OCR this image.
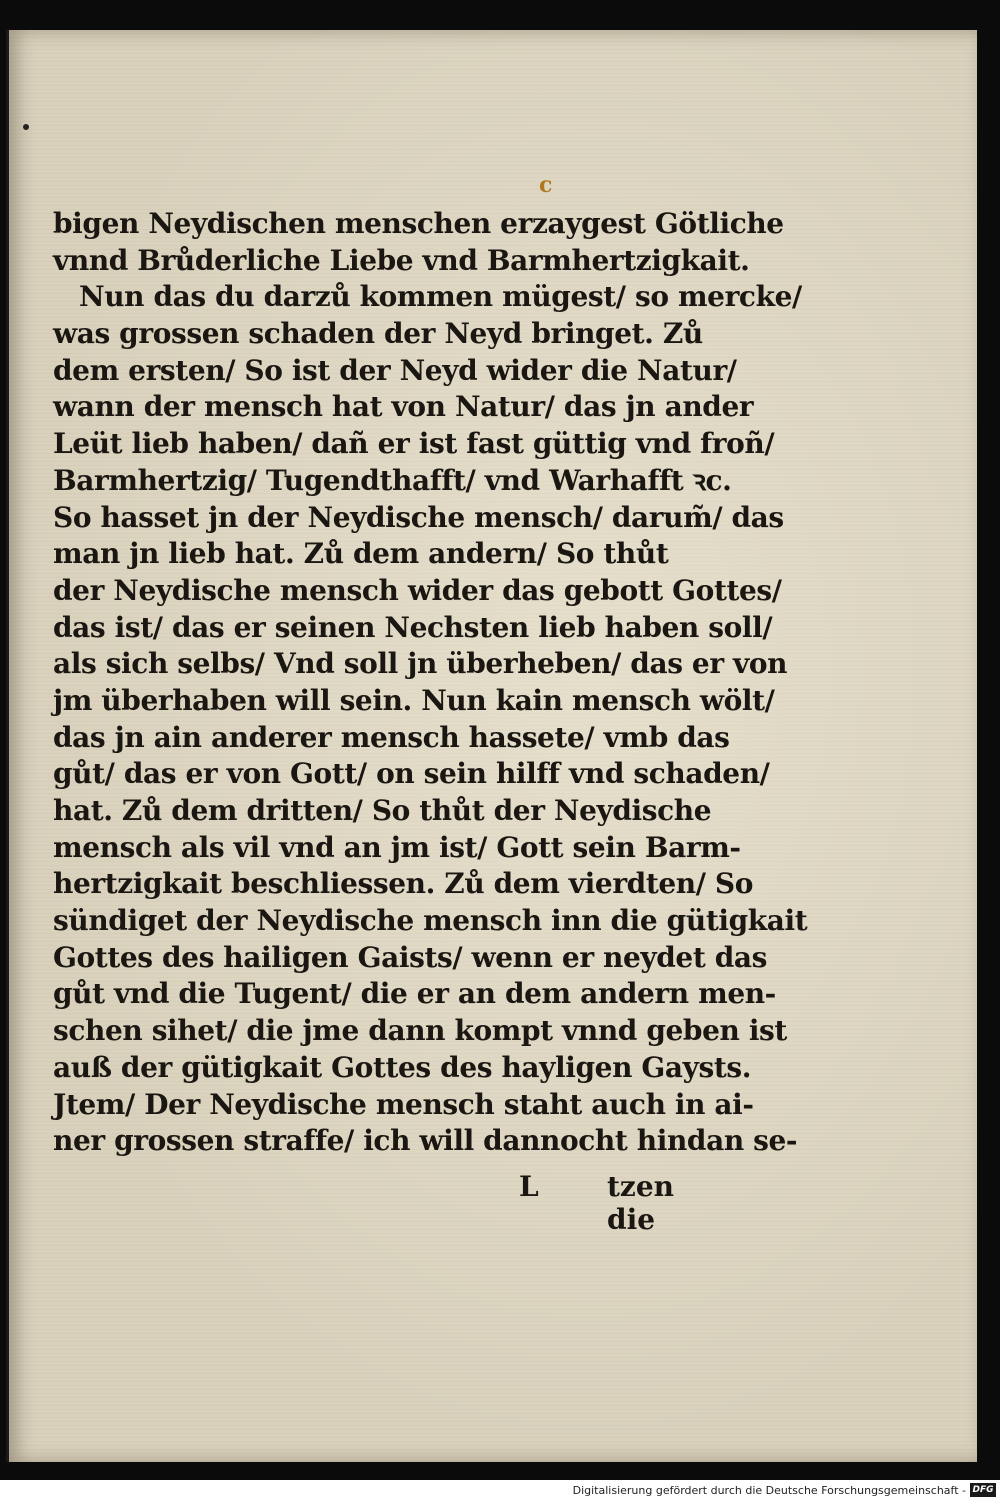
c
bigen Neydischen menschen erzaygest Götliche
vnnd Brůderliche Liebe vnd Barmhertzigkait.
Nun das du darzů kommen mügest/ so mercke/
was grossen schaden der Neyd bringet. Zů
dem ersten/ So ist der Neyd wider die Natur/
wann der mensch hat von Natur/ das jn ander
Leüt lieb haben/ dañ er ist fast güttig vnd froñ/
Barmhertzig/ Tugendthafft/ vnd Warhafft ꝛc.
So hasset jn der Neydische mensch/ darum̃/ das
man jn lieb hat. Zů dem andern/ So thůt
der Neydische mensch wider das gebott Gottes/
das ist/ das er seinen Nechsten lieb haben soll/
als sich selbs/ Vnd soll jn überheben/ das er von
jm überhaben will sein. Nun kain mensch wölt/
das jn ain anderer mensch hassete/ vmb das
gůt/ das er von Gott/ on sein hilff vnd schaden/
hat. Zů dem dritten/ So thůt der Neydische
mensch als vil vnd an jm ist/ Gott sein Barm-
hertzigkait beschliessen. Zů dem vierdten/ So
sündiget der Neydische mensch inn die gütigkait
Gottes des hailigen Gaists/ wenn er neydet das
gůt vnd die Tugent/ die er an dem andern men-
schen sihet/ die jme dann kompt vnnd geben ist
auß der gütigkait Gottes des hayligen Gaysts.
Jtem/ Der Neydische mensch staht auch in ai-
ner grossen straffe/ ich will dannocht hindan se-
L tzen die
Digitalisierung gefördert durch die Deutsche Forschungsgemeinschaft - DFG
